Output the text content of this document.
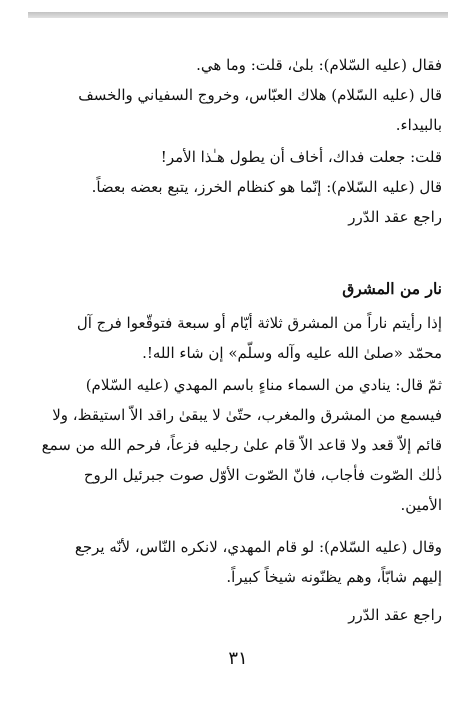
فقال (عليه السّلام): بلىٰ، قلت: وما هي.
قال (عليه السّلام) هلاك العبّاس، وخروج السفياني والخسف
بالبيداء.
قلت: جعلت فداك، أخاف أن يطول هـٰذا الأمر!
قال (عليه السّلام): إنّما هو كنظام الخرز، يتبع بعضه بعضاً.
راجع عقد الدّرر
نار من المشرق
إذا رأيتم ناراً من المشرق ثلاثة أيّام أو سبعة فتوقّعوا فرج آل
محمّد «صلىٰ الله عليه وآله وسلّم» إن شاء الله!.
ثمّ قال: ينادي من السماء مناءٍ باسم المهدي (عليه السّلام)
فيسمع من المشرق والمغرب، حتّىٰ لا يبقىٰ راقد الاّ استيقظ، ولا
قائم إلاّ قعد ولا قاعد الاّ قام علىٰ رجليه فزعاً، فرحم الله من سمع
ذٰلك الصّوت فأجاب، فانّ الصّوت الأوّل صوت جبرئيل الروح
الأمين.
وقال (عليه السّلام): لو قام المهدي، لانكره النّاس، لأنّه يرجع
إليهم شابّاً، وهم يظنّونه شيخاً كبيراً.
راجع عقد الدّرر
٣١
